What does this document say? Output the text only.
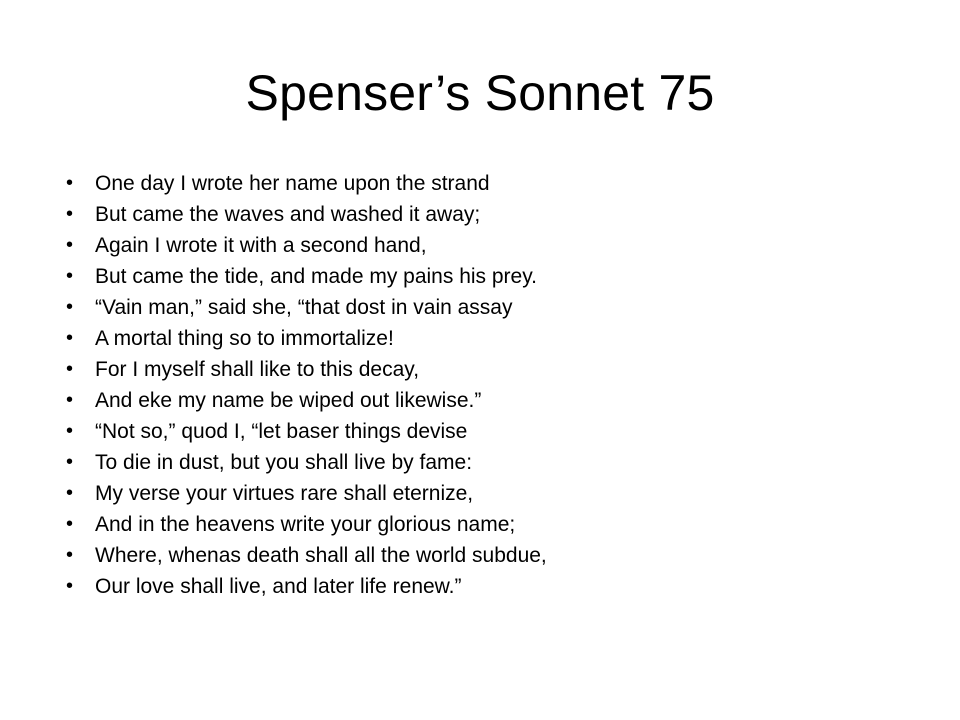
Spenser’s Sonnet 75
• One day I wrote her name upon the strand
• But came the waves and washed it away;
• Again I wrote it with a second hand,
• But came the tide, and made my pains his prey.
• “Vain man,” said she, “that dost in vain assay
• A mortal thing so to immortalize!
• For I myself shall like to this decay,
• And eke my name be wiped out likewise.”
• “Not so,” quod I, “let baser things devise
• To die in dust, but you shall live by fame:
• My verse your virtues rare shall eternize,
• And in the heavens write your glorious name;
• Where, whenas death shall all the world subdue,
• Our love shall live, and later life renew.”
